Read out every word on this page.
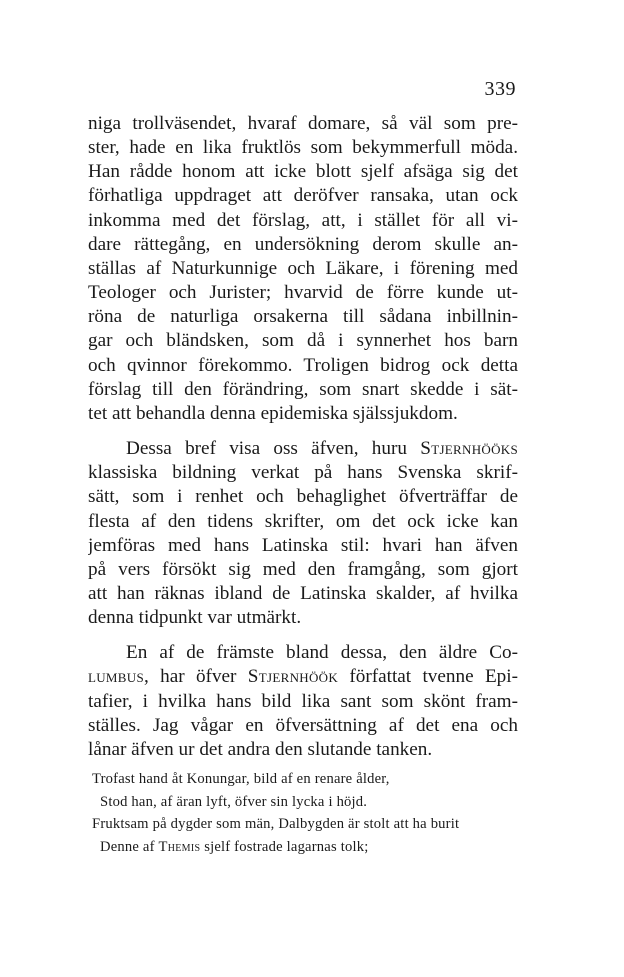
339

niga trollväsendet, hvaraf domare, så väl som pre-
ster, hade en lika fruktlös som bekymmerfull möda.
Han rådde honom att icke blott sjelf afsäga sig det
förhatliga uppdraget att deröfver ransaka, utan ock
inkomma med det förslag, att, i stället för all vi-
dare rättegång, en undersökning derom skulle an-
ställas af Naturkunnige och Läkare, i förening med
Teologer och Jurister; hvarvid de förre kunde ut-
röna de naturliga orsakerna till sådana inbillnin-
gar och bländsken, som då i synnerhet hos barn
och qvinnor förekommo. Troligen bidrog ock detta
förslag till den förändring, som snart skedde i sät-
tet att behandla denna epidemiska själssjukdom.

Dessa bref visa oss äfven, huru Stjernhööks
klassiska bildning verkat på hans Svenska skrif-
sätt, som i renhet och behaglighet öfverträffar de
flesta af den tidens skrifter, om det ock icke kan
jemföras med hans Latinska stil: hvari han äfven
på vers försökt sig med den framgång, som gjort
att han räknas ibland de Latinska skalder, af hvilka
denna tidpunkt var utmärkt.

En af de främste bland dessa, den äldre Co-
lumbus, har öfver Stjernhöök författat tvenne Epi-
tafier, i hvilka hans bild lika sant som skönt fram-
ställes. Jag vågar en öfversättning af det ena och
lånar äfven ur det andra den slutande tanken.

Trofast hand åt Konungar, bild af en renare ålder,
Stod han, af äran lyft, öfver sin lycka i höjd.
Fruktsam på dygder som män, Dalbygden är stolt att ha burit
Denne af Themis sjelf fostrade lagarnas tolk;
